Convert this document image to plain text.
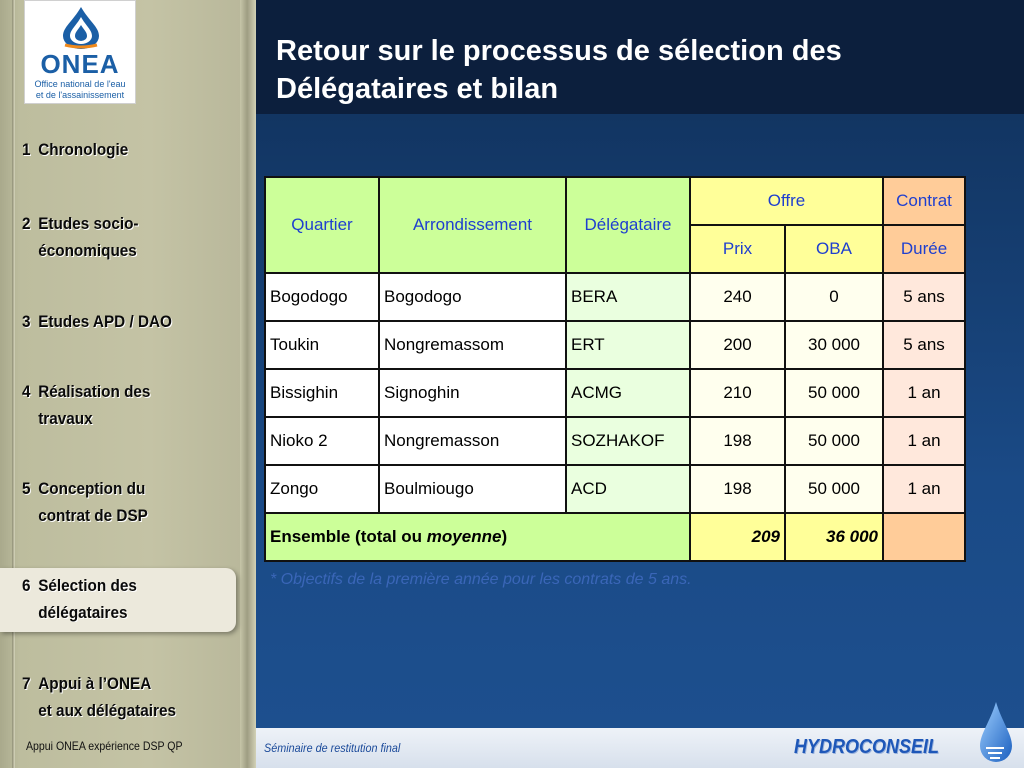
ONEA
Office national de l'eau
et de l'assainissement
1 Chronologie
2 Etudes socio-
économiques
3 Etudes APD / DAO
4 Réalisation des
travaux
5 Conception du
contrat de DSP
6 Sélection des
délégataires
7 Appui à l’ONEA
et aux délégataires
Appui ONEA expérience DSP QP
Retour sur le processus de sélection des
Délégataires et bilan
Quartier	Arrondissement	Délégataire	Offre		Contrat
			Prix	OBA	Durée
Bogodogo	Bogodogo	BERA	240	0	5 ans
Toukin	Nongremassom	ERT	200	30 000	5 ans
Bissighin	Signoghin	ACMG	210	50 000	1 an
Nioko 2	Nongremasson	SOZHAKOF	198	50 000	1 an
Zongo	Boulmiougo	ACD	198	50 000	1 an
Ensemble (total ou moyenne)			209	36 000	
* Objectifs de la première année pour les contrats de 5 ans.
Séminaire de restitution final	HYDROCONSEIL
